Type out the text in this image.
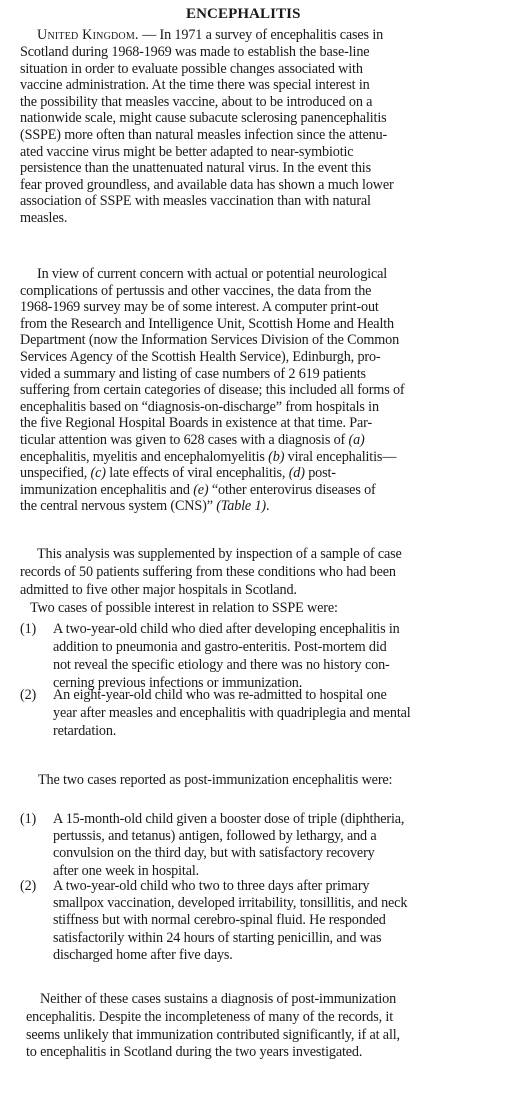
ENCEPHALITIS
United Kingdom. — In 1971 a survey of encephalitis cases in
Scotland during 1968-1969 was made to establish the base-line
situation in order to evaluate possible changes associated with
vaccine administration. At the time there was special interest in
the possibility that measles vaccine, about to be introduced on a
nationwide scale, might cause subacute sclerosing panencephalitis
(SSPE) more often than natural measles infection since the attenu-
ated vaccine virus might be better adapted to near-symbiotic
persistence than the unattenuated natural virus. In the event this
fear proved groundless, and available data has shown a much lower
association of SSPE with measles vaccination than with natural
measles.
In view of current concern with actual or potential neurological
complications of pertussis and other vaccines, the data from the
1968-1969 survey may be of some interest. A computer print-out
from the Research and Intelligence Unit, Scottish Home and Health
Department (now the Information Services Division of the Common
Services Agency of the Scottish Health Service), Edinburgh, pro-
vided a summary and listing of case numbers of 2 619 patients
suffering from certain categories of disease; this included all forms of
encephalitis based on “diagnosis-on-discharge” from hospitals in
the five Regional Hospital Boards in existence at that time. Par-
ticular attention was given to 628 cases with a diagnosis of (a)
encephalitis, myelitis and encephalomyelitis (b) viral encephalitis—
unspecified, (c) late effects of viral encephalitis, (d) post-
immunization encephalitis and (e) “other enterovirus diseases of
the central nervous system (CNS)” (Table 1).
This analysis was supplemented by inspection of a sample of case
records of 50 patients suffering from these conditions who had been
admitted to five other major hospitals in Scotland.
Two cases of possible interest in relation to SSPE were:
(1) A two-year-old child who died after developing encephalitis in
addition to pneumonia and gastro-enteritis. Post-mortem did
not reveal the specific etiology and there was no history con-
cerning previous infections or immunization.
(2) An eight-year-old child who was re-admitted to hospital one
year after measles and encephalitis with quadriplegia and mental
retardation.
The two cases reported as post-immunization encephalitis were:
(1) A 15-month-old child given a booster dose of triple (diphtheria,
pertussis, and tetanus) antigen, followed by lethargy, and a
convulsion on the third day, but with satisfactory recovery
after one week in hospital.
(2) A two-year-old child who two to three days after primary
smallpox vaccination, developed irritability, tonsillitis, and neck
stiffness but with normal cerebro-spinal fluid. He responded
satisfactorily within 24 hours of starting penicillin, and was
discharged home after five days.
Neither of these cases sustains a diagnosis of post-immunization
encephalitis. Despite the incompleteness of many of the records, it
seems unlikely that immunization contributed significantly, if at all,
to encephalitis in Scotland during the two years investigated.
